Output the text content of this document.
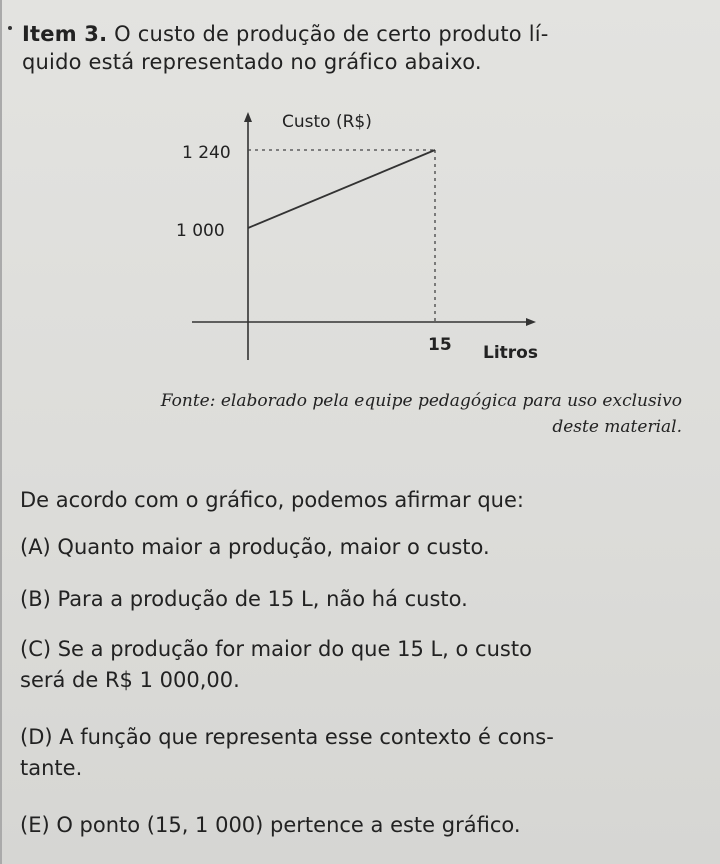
Item 3. O custo de produção de certo produto lí-
quido está representado no gráfico abaixo.
Custo (R$)
Litros
1 240
1 000
15
Fonte: elaborado pela equipe pedagógica para uso exclusivo
deste material.
De acordo com o gráfico, podemos afirmar que:
(A) Quanto maior a produção, maior o custo.
(B) Para a produção de 15 L, não há custo.
(C) Se a produção for maior do que 15 L, o custo
será de R$ 1 000,00.
(D) A função que representa esse contexto é cons-
tante.
(E) O ponto (15, 1 000) pertence a este gráfico.
